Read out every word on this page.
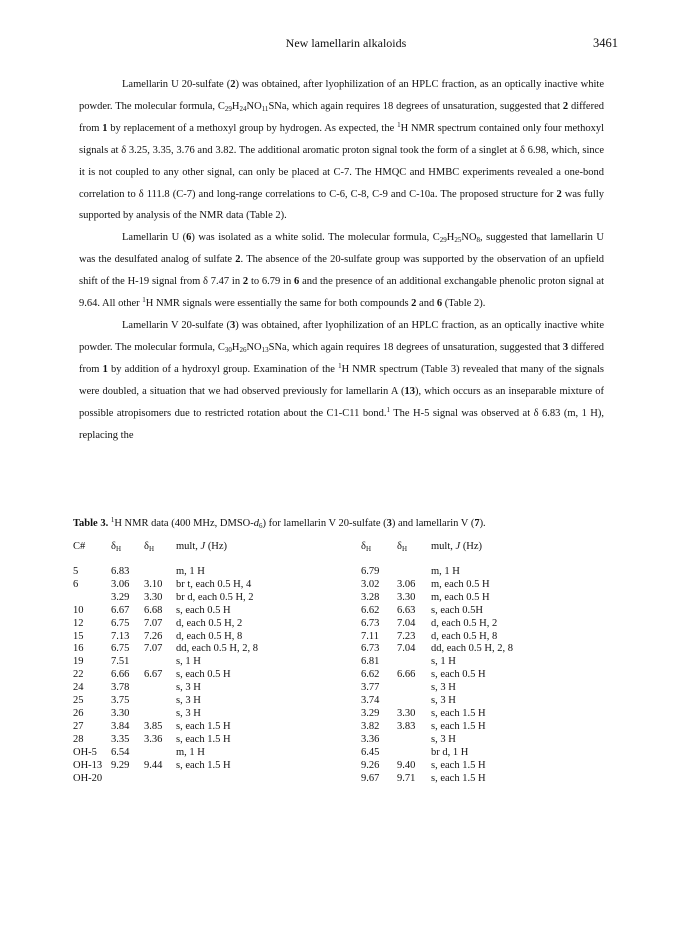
New lamellarin alkaloids	3461

Lamellarin U 20-sulfate (2) was obtained, after lyophilization of an HPLC fraction, as an optically inactive white powder. The molecular formula, $C_{29}H_{24}NO_{11}SNa$, which again requires 18 degrees of unsaturation, suggested that 2 differed from 1 by replacement of a methoxyl group by hydrogen. As expected, the $^1$H NMR spectrum contained only four methoxyl signals at δ 3.25, 3.35, 3.76 and 3.82. The additional aromatic proton signal took the form of a singlet at δ 6.98, which, since it is not coupled to any other signal, can only be placed at C-7. The HMQC and HMBC experiments revealed a one-bond correlation to δ 111.8 (C-7) and long-range correlations to C-6, C-8, C-9 and C-10a. The proposed structure for 2 was fully supported by analysis of the NMR data (Table 2).

Lamellarin U (6) was isolated as a white solid. The molecular formula, $C_{29}H_{25}NO_8$, suggested that lamellarin U was the desulfated analog of sulfate 2. The absence of the 20-sulfate group was supported by the observation of an upfield shift of the H-19 signal from δ 7.47 in 2 to 6.79 in 6 and the presence of an additional exchangable phenolic proton signal at 9.64. All other $^1$H NMR signals were essentially the same for both compounds 2 and 6 (Table 2).

Lamellarin V 20-sulfate (3) was obtained, after lyophilization of an HPLC fraction, as an optically inactive white powder. The molecular formula, $C_{30}H_{26}NO_{13}SNa$, which again requires 18 degrees of unsaturation, suggested that 3 differed from 1 by addition of a hydroxyl group. Examination of the $^1$H NMR spectrum (Table 3) revealed that many of the signals were doubled, a situation that we had observed previously for lamellarin A (13), which occurs as an inseparable mixture of possible atropisomers due to restricted rotation about the C1-C11 bond.$^1$ The H-5 signal was observed at δ 6.83 (m, 1 H), replacing the

Table 3. $^1$H NMR data (400 MHz, DMSO-$d_6$) for lamellarin V 20-sulfate (3) and lamellarin V (7).
C#	$\delta_H$	$\delta_H$	mult, J (Hz)	$\delta_H$	$\delta_H$	mult, J (Hz)

5	6.83		m, 1 H	6.79		m, 1 H
6	3.06	3.10	br t, each 0.5 H, 4	3.02	3.06	m, each 0.5 H
	3.29	3.30	br d, each 0.5 H, 2	3.28	3.30	m, each 0.5 H
10	6.67	6.68	s, each 0.5 H	6.62	6.63	s, each 0.5H
12	6.75	7.07	d, each 0.5 H, 2	6.73	7.04	d, each 0.5 H, 2
15	7.13	7.26	d, each 0.5 H, 8	7.11	7.23	d, each 0.5 H, 8
16	6.75	7.07	dd, each 0.5 H, 2, 8	6.73	7.04	dd, each 0.5 H, 2, 8
19	7.51		s, 1 H	6.81		s, 1 H
22	6.66	6.67	s, each 0.5 H	6.62	6.66	s, each 0.5 H
24	3.78		s, 3 H	3.77		s, 3 H
25	3.75		s, 3 H	3.74		s, 3 H
26	3.30		s, 3 H	3.29	3.30	s, each 1.5 H
27	3.84	3.85	s, each 1.5 H	3.82	3.83	s, each 1.5 H
28	3.35	3.36	s, each 1.5 H	3.36		s, 3 H
OH-5	6.54		m, 1 H	6.45		br d, 1 H
OH-13	9.29	9.44	s, each 1.5 H	9.26	9.40	s, each 1.5 H
OH-20				9.67	9.71	s, each 1.5 H
